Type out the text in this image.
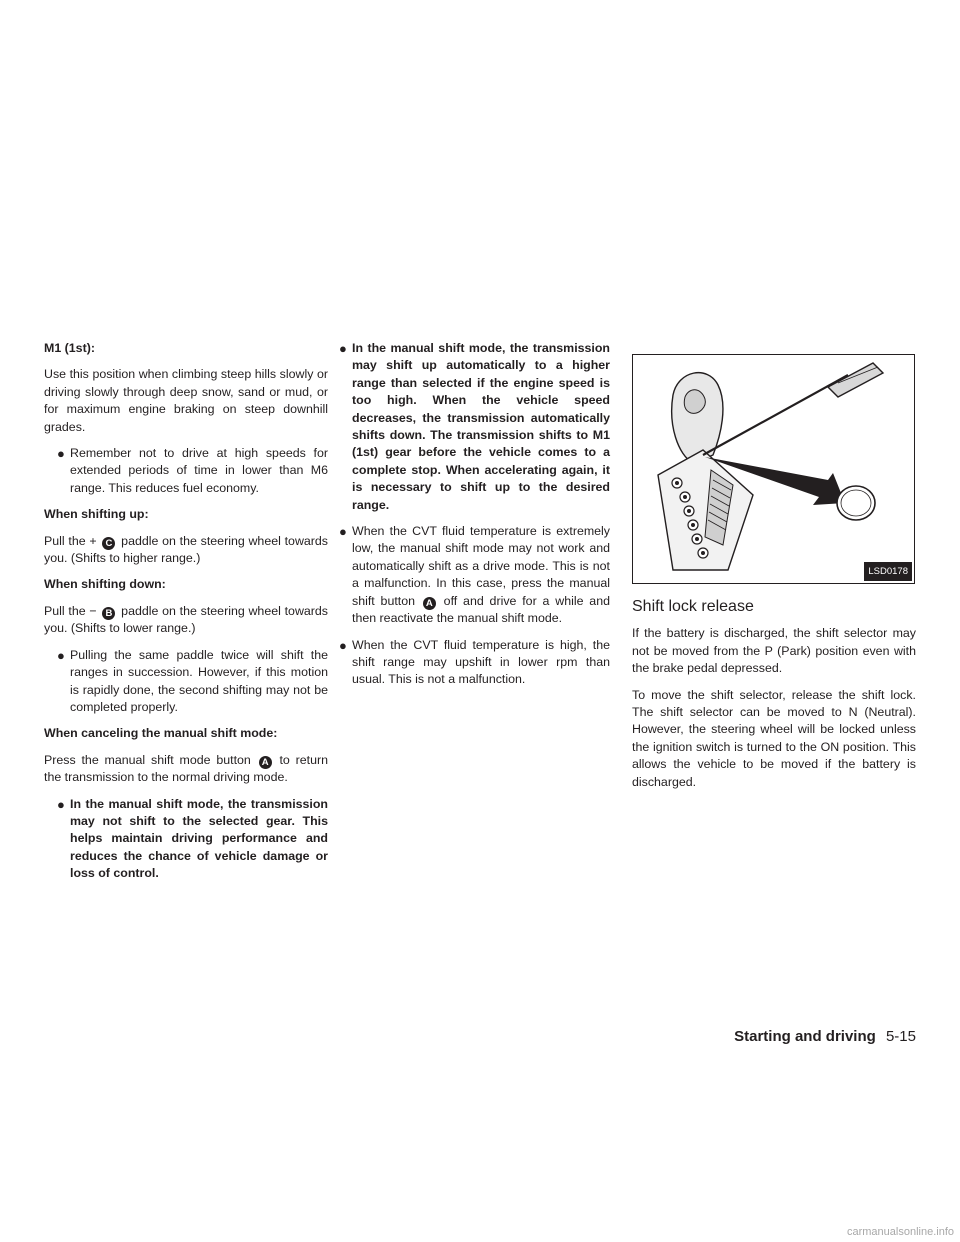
M1 (1st):

Use this position when climbing steep hills slowly or driving slowly through deep snow, sand or mud, or for maximum engine braking on steep downhill grades.

● Remember not to drive at high speeds for extended periods of time in lower than M6 range. This reduces fuel economy.
When shifting up:

Pull the + C paddle on the steering wheel towards you. (Shifts to higher range.)

When shifting down:

Pull the − B paddle on the steering wheel towards you. (Shifts to lower range.)

● Pulling the same paddle twice will shift the ranges in succession. However, if this motion is rapidly done, the second shifting may not be completed properly.
When canceling the manual shift mode:

Press the manual shift mode button A to return the transmission to the normal driving mode.

● In the manual shift mode, the transmission may not shift to the selected gear. This helps maintain driving performance and reduces the chance of vehicle damage or loss of control.
● In the manual shift mode, the transmission may shift up automatically to a higher range than selected if the engine speed is too high. When the vehicle speed decreases, the transmission automatically shifts down. The transmission shifts to M1 (1st) gear before the vehicle comes to a complete stop. When accelerating again, it is necessary to shift up to the desired range.
● When the CVT fluid temperature is extremely low, the manual shift mode may not work and automatically shift as a drive mode. This is not a malfunction. In this case, press the manual shift button A off and drive for a while and then reactivate the manual shift mode.
● When the CVT fluid temperature is high, the shift range may upshift in lower rpm than usual. This is not a malfunction.
LSD0178
Shift lock release

If the battery is discharged, the shift selector may not be moved from the P (Park) position even with the brake pedal depressed.

To move the shift selector, release the shift lock. The shift selector can be moved to N (Neutral). However, the steering wheel will be locked unless the ignition switch is turned to the ON position. This allows the vehicle to be moved if the battery is discharged.

Starting and driving 5-15
carmanualsonline.info
